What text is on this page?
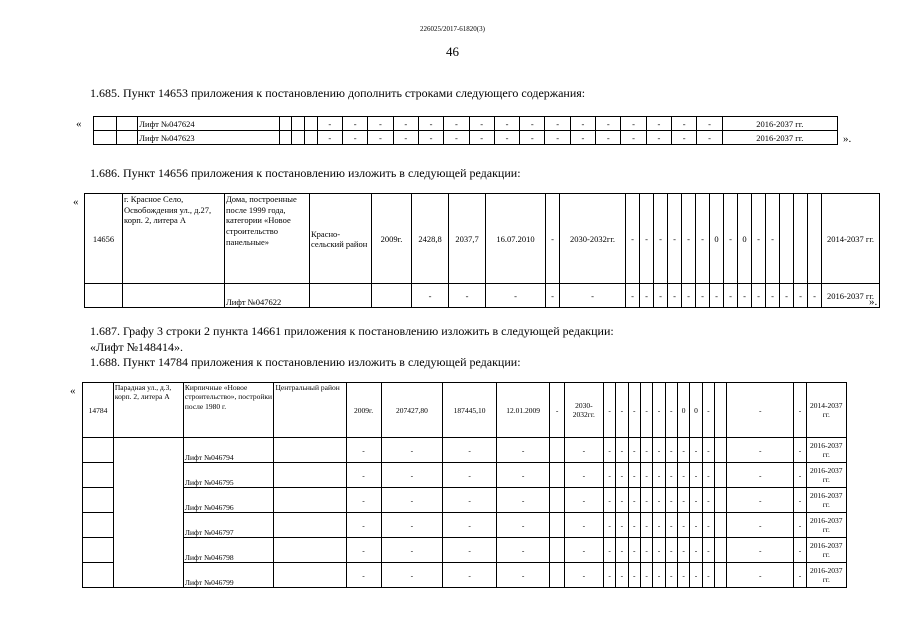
226025/2017-61820(3)
46
1.685. Пункт 14653 приложения к постановлению дополнить строками следующего содержания:
«
			Лифт №047624				-	-	-	-	-	-	-	-	-	-	-	-	-	-	-	-	2016-2037 гг.
		Лифт №047623				-	-	-	-	-	-	-	-	-	-	-	-	-	-	-	-	2016-2037 гг.	».
1.686. Пункт 14656 приложения к постановлению изложить в следующей редакции:
«
14656	г. Красное Село, Освобождения ул., д.27, корп. 2, литера А	Дома, построенные после 1999 года, категории «Новое строительство панельные»	Красно-сельский район	2009г.	2428,8	2037,7	16.07.2010	-	2030-2032гг.	-	-	-	-	-	-	0	-	0	-	-				2014-2037 гг.
		Лифт №047622			-	-	-	-	-	-	-	-	-	-	-	-	-	-	-	-	-	-	-	2016-2037 гг.
».
1.687. Графу 3 строки 2 пункта 14661 приложения к постановлению изложить в следующей редакции:
«Лифт №148414».
1.688. Пункт 14784 приложения к постановлению изложить в следующей редакции:
«
14784	Парадная ул., д.3, корп. 2, литера А	Кирпичные «Новое строительство», постройки после 1980 г.	Центральный район	2009г.	207427,80	187445,10	12.01.2009	-	2030-2032гг.	-	-	-	-	-	-	0	0	-		-	-	2014-2037 гг.
		Лифт №046794		-	-	-	-		-	-	-	-	-	-	-	-	-	-		-	-	2016-2037 гг.
		Лифт №046795		-	-	-	-		-	-	-	-	-	-	-	-	-	-		-	-	2016-2037 гг.
		Лифт №046796		-	-	-	-		-	-	-	-	-	-	-	-	-	-		-	-	2016-2037 гг.
		Лифт №046797		-	-	-	-		-	-	-	-	-	-	-	-	-	-		-	-	2016-2037 гг.
		Лифт №046798		-	-	-	-		-	-	-	-	-	-	-	-	-	-		-	-	2016-2037 гг.
		Лифт №046799		-	-	-	-		-	-	-	-	-	-	-	-	-	-		-	-	2016-2037 гг.
